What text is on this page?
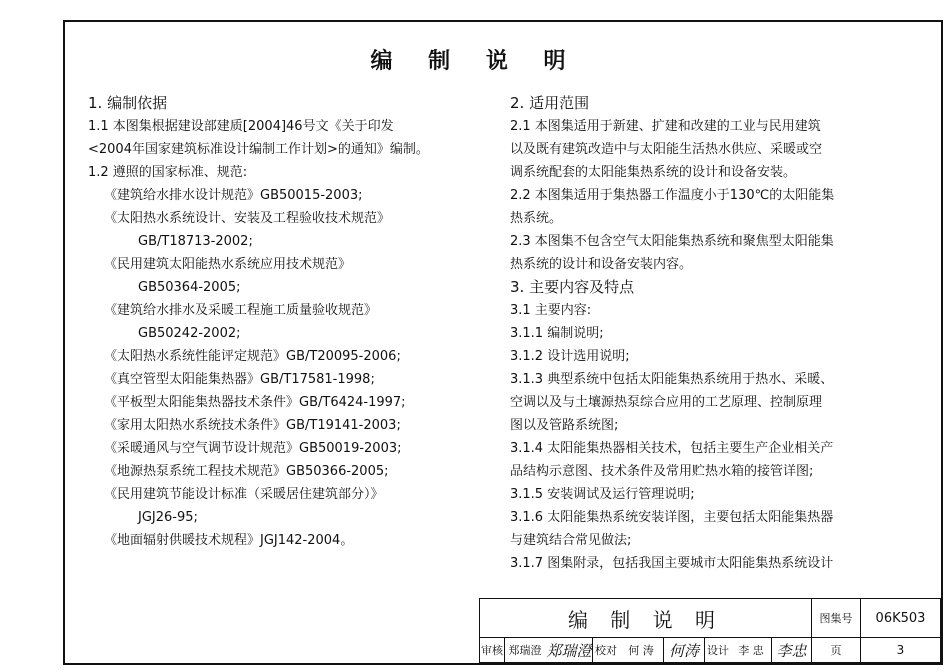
编 制 说 明
1. 编制依据
1.1 本图集根据建设部建质[2004]46号文《关于印发
<2004年国家建筑标准设计编制工作计划>的通知》编制。
1.2 遵照的国家标准、规范:
《建筑给水排水设计规范》GB50015-2003;
《太阳热水系统设计、安装及工程验收技术规范》
GB/T18713-2002;
《民用建筑太阳能热水系统应用技术规范》
GB50364-2005;
《建筑给水排水及采暖工程施工质量验收规范》
GB50242-2002;
《太阳热水系统性能评定规范》GB/T20095-2006;
《真空管型太阳能集热器》GB/T17581-1998;
《平板型太阳能集热器技术条件》GB/T6424-1997;
《家用太阳热水系统技术条件》GB/T19141-2003;
《采暖通风与空气调节设计规范》GB50019-2003;
《地源热泵系统工程技术规范》GB50366-2005;
《民用建筑节能设计标准（采暖居住建筑部分）》
JGJ26-95;
《地面辐射供暖技术规程》JGJ142-2004。
2. 适用范围
2.1 本图集适用于新建、扩建和改建的工业与民用建筑
以及既有建筑改造中与太阳能生活热水供应、采暖或空
调系统配套的太阳能集热系统的设计和设备安装。
2.2 本图集适用于集热器工作温度小于130℃的太阳能集
热系统。
2.3 本图集不包含空气太阳能集热系统和聚焦型太阳能集
热系统的设计和设备安装内容。
3. 主要内容及特点
3.1 主要内容:
3.1.1 编制说明;
3.1.2 设计选用说明;
3.1.3 典型系统中包括太阳能集热系统用于热水、采暖、
空调以及与土壤源热泵综合应用的工艺原理、控制原理
图以及管路系统图;
3.1.4 太阳能集热器相关技术，包括主要生产企业相关产
品结构示意图、技术条件及常用贮热水箱的接管详图;
3.1.5 安装调试及运行管理说明;
3.1.6 太阳能集热系统安装详图，主要包括太阳能集热器
与建筑结合常见做法;
3.1.7 图集附录，包括我国主要城市太阳能集热系统设计
编 制 说 明	图集号	06K503
审核 郑瑞澄 郑瑞澄 校对	何 涛	何涛 设计 李 忠 李忠	页	3
